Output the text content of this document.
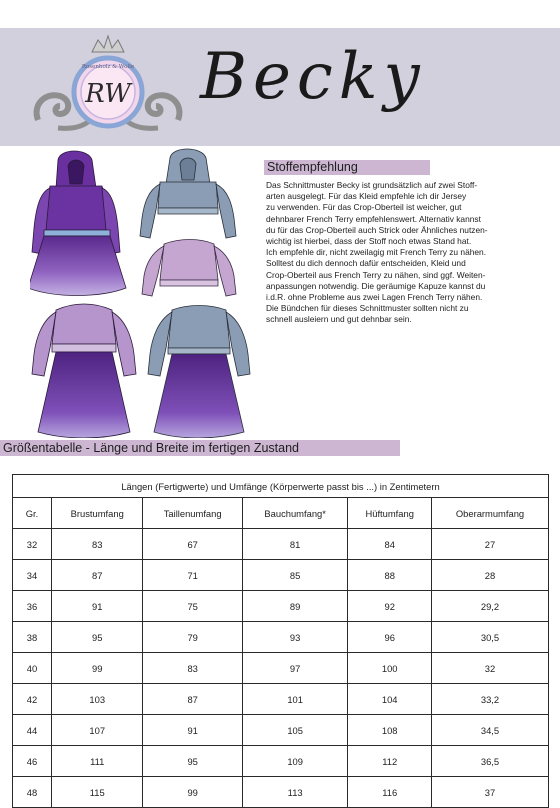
RW
Rosenholz & Wolle Becky
Stoffempfehlung
Das Schnittmuster Becky ist grundsätzlich auf zwei Stoff-
arten ausgelegt. Für das Kleid empfehle ich dir Jersey
zu verwenden. Für das Crop-Oberteil ist weicher, gut
dehnbarer French Terry empfehlenswert. Alternativ kannst
du für das Crop-Oberteil auch Strick oder Ähnliches nutzen-
wichtig ist hierbei, dass der Stoff noch etwas Stand hat.
Ich empfehle dir, nicht zweilagig mit French Terry zu nähen.
Solltest du dich dennoch dafür entscheiden, Kleid und
Crop-Oberteil aus French Terry zu nähen, sind ggf. Weiten-
anpassungen notwendig. Die geräumige Kapuze kannst du
i.d.R. ohne Probleme aus zwei Lagen French Terry nähen.
Die Bündchen für dieses Schnittmuster sollten nicht zu
schnell ausleiern und gut dehnbar sein.
Größentabelle - Länge und Breite im fertigen Zustand
Längen (Fertigwerte) und Umfänge (Körperwerte passt bis ...) in Zentimetern					
Gr.	Brustumfang	Taillenumfang	Bauchumfang*	Hüftumfang	Oberarmumfang
32	83	67	81	84	27
34	87	71	85	88	28
36	91	75	89	92	29,2
38	95	79	93	96	30,5
40	99	83	97	100	32
42	103	87	101	104	33,2
44	107	91	105	108	34,5
46	111	95	109	112	36,5
48	115	99	113	116	37
